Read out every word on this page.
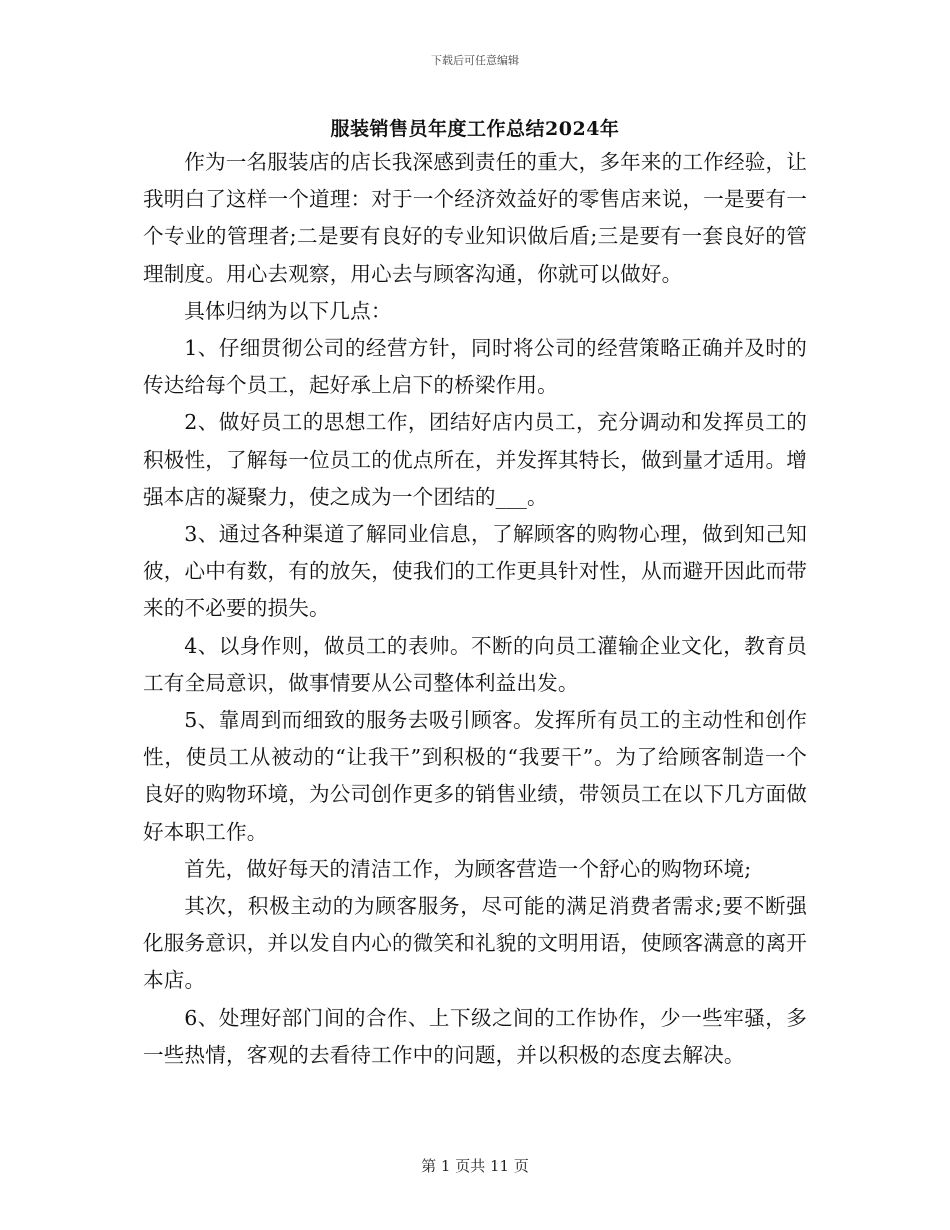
下载后可任意编辑
服装销售员年度工作总结2024年

作为一名服装店的店长我深感到责任的重大，多年来的工作经验，让我明白了这样一个道理：对于一个经济效益好的零售店来说，一是要有一个专业的管理者;二是要有良好的专业知识做后盾;三是要有一套良好的管理制度。用心去观察，用心去与顾客沟通，你就可以做好。

具体归纳为以下几点：

1、仔细贯彻公司的经营方针，同时将公司的经营策略正确并及时的传达给每个员工，起好承上启下的桥梁作用。

2、做好员工的思想工作，团结好店内员工，充分调动和发挥员工的积极性，了解每一位员工的优点所在，并发挥其特长，做到量才适用。增强本店的凝聚力，使之成为一个团结的___。

3、通过各种渠道了解同业信息，了解顾客的购物心理，做到知己知彼，心中有数，有的放矢，使我们的工作更具针对性，从而避开因此而带来的不必要的损失。

4、以身作则，做员工的表帅。不断的向员工灌输企业文化，教育员工有全局意识，做事情要从公司整体利益出发。

5、靠周到而细致的服务去吸引顾客。发挥所有员工的主动性和创作性，使员工从被动的“让我干”到积极的“我要干”。为了给顾客制造一个良好的购物环境，为公司创作更多的销售业绩，带领员工在以下几方面做好本职工作。

首先，做好每天的清洁工作，为顾客营造一个舒心的购物环境;

其次，积极主动的为顾客服务，尽可能的满足消费者需求;要不断强化服务意识，并以发自内心的微笑和礼貌的文明用语，使顾客满意的离开本店。

6、处理好部门间的合作、上下级之间的工作协作，少一些牢骚，多一些热情，客观的去看待工作中的问题，并以积极的态度去解决。

第 1 页共 11 页
